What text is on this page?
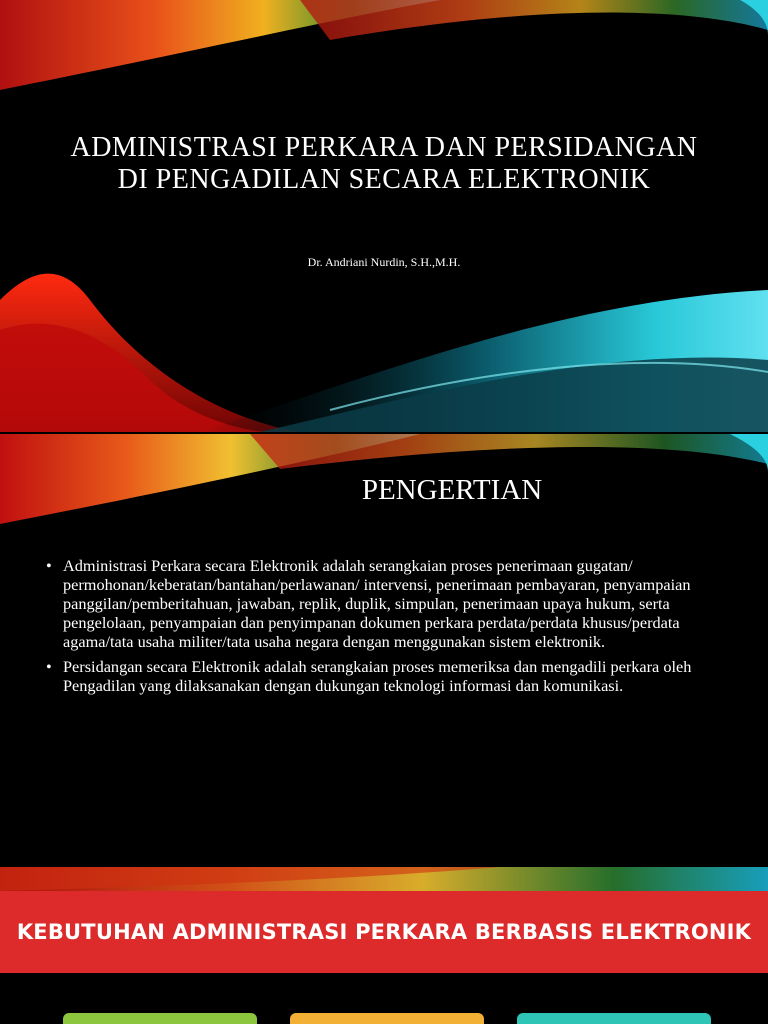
ADMINISTRASI PERKARA DAN PERSIDANGAN DI PENGADILAN SECARA ELEKTRONIK
Dr. Andriani Nurdin, S.H.,M.H.
PENGERTIAN
• Administrasi Perkara secara Elektronik adalah serangkaian proses penerimaan gugatan/ permohonan/keberatan/bantahan/perlawanan/ intervensi, penerimaan pembayaran, penyampaian panggilan/pemberitahuan, jawaban, replik, duplik, simpulan, penerimaan upaya hukum, serta pengelolaan, penyampaian dan penyimpanan dokumen perkara perdata/perdata khusus/perdata agama/tata usaha militer/tata usaha negara dengan menggunakan sistem elektronik.
• Persidangan secara Elektronik adalah serangkaian proses memeriksa dan mengadili perkara oleh Pengadilan yang dilaksanakan dengan dukungan teknologi informasi dan komunikasi.
KEBUTUHAN ADMINISTRASI PERKARA BERBASIS ELEKTRONIK
